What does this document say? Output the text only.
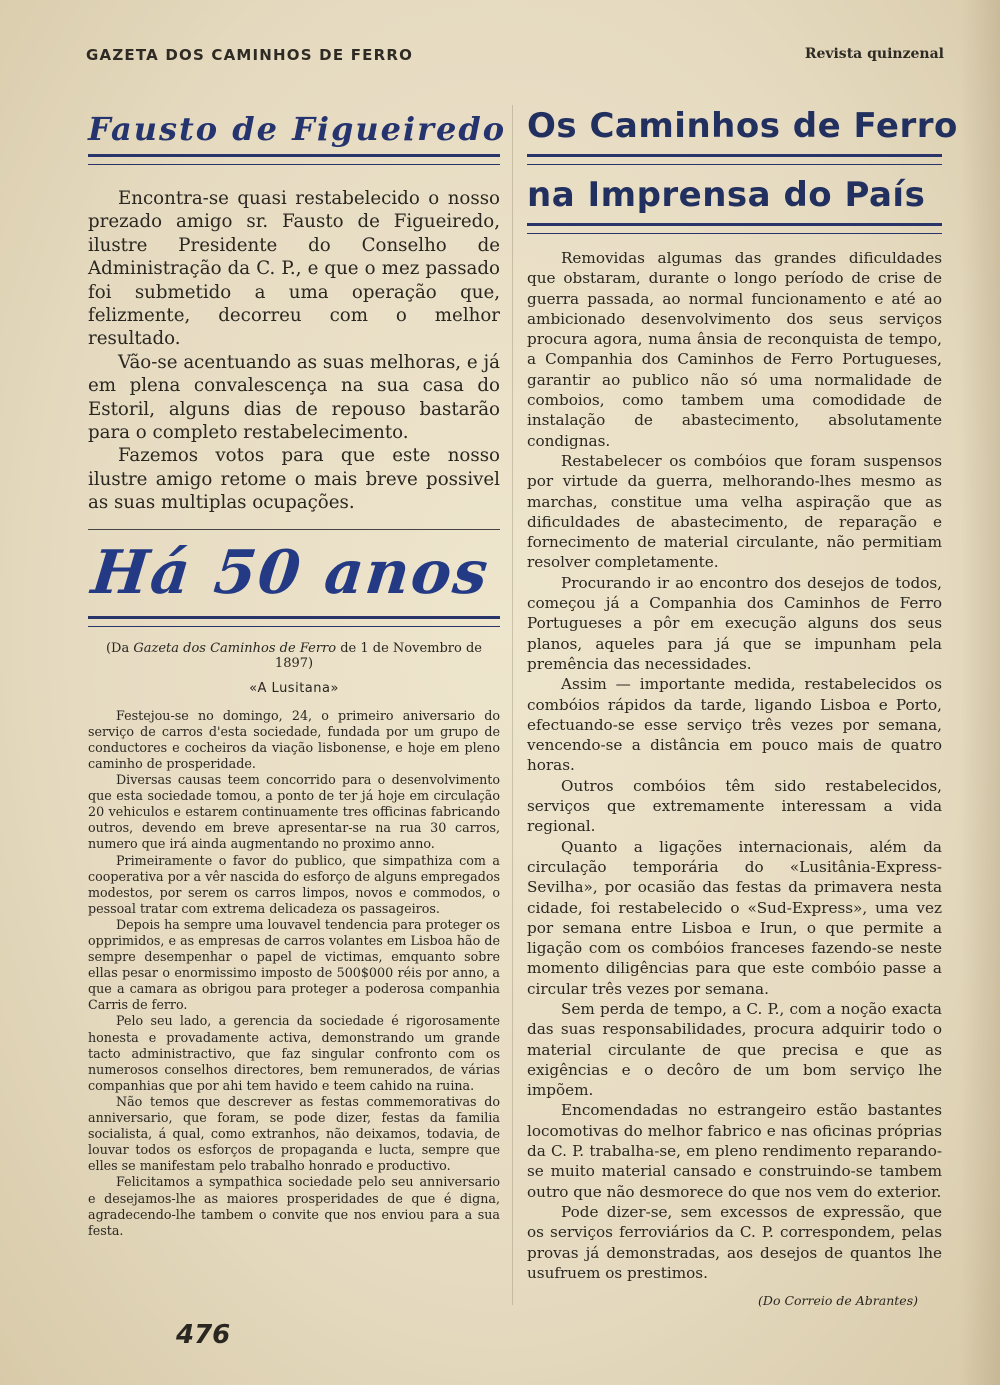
GAZETA DOS CAMINHOS DE FERRO	Revista quinzenal
Fausto de Figueiredo

Encontra-se quasi restabelecido o nosso prezado amigo sr. Fausto de Figueiredo, ilustre Presidente do Conselho de Administração da C. P., e que o mez passado foi submetido a uma operação que, felizmente, decorreu com o melhor resultado.

Vão-se acentuando as suas melhoras, e já em plena convalescença na sua casa do Estoril, alguns dias de repouso bastarão para o completo restabelecimento.

Fazemos votos para que este nosso ilustre amigo retome o mais breve possivel as suas multiplas ocupações.

Há 50 anos
(Da Gazeta dos Caminhos de Ferro de 1 de Novembro de 1897)
«A Lusitana»

Festejou-se no domingo, 24, o primeiro aniversario do serviço de carros d'esta sociedade, fundada por um grupo de conductores e cocheiros da viação lisbonense, e hoje em pleno caminho de prosperidade.

Diversas causas teem concorrido para o desenvolvimento que esta sociedade tomou, a ponto de ter já hoje em circulação 20 vehiculos e estarem continuamente tres officinas fabricando outros, devendo em breve apresentar-se na rua 30 carros, numero que irá ainda augmentando no proximo anno.

Primeiramente o favor do publico, que simpathiza com a cooperativa por a vêr nascida do esforço de alguns empregados modestos, por serem os carros limpos, novos e commodos, o pessoal tratar com extrema delicadeza os passageiros.

Depois ha sempre uma louvavel tendencia para proteger os opprimidos, e as empresas de carros volantes em Lisboa hão de sempre desempenhar o papel de victimas, emquanto sobre ellas pesar o enormissimo imposto de 500$000 réis por anno, a que a camara as obrigou para proteger a poderosa companhia Carris de ferro.

Pelo seu lado, a gerencia da sociedade é rigorosamente honesta e provadamente activa, demonstrando um grande tacto administractivo, que faz singular confronto com os numerosos conselhos directores, bem remunerados, de várias companhias que por ahi tem havido e teem cahido na ruina.

Não temos que descrever as festas commemorativas do anniversario, que foram, se pode dizer, festas da familia socialista, á qual, como extranhos, não deixamos, todavia, de louvar todos os esforços de propaganda e lucta, sempre que elles se manifestam pelo trabalho honrado e productivo.

Felicitamos a sympathica sociedade pelo seu anniversario e desejamos-lhe as maiores prosperidades de que é digna, agradecendo-lhe tambem o convite que nos enviou para a sua festa.

Os Caminhos de Ferro
na Imprensa do País

Removidas algumas das grandes dificuldades que obstaram, durante o longo período de crise de guerra passada, ao normal funcionamento e até ao ambicionado desenvolvimento dos seus serviços procura agora, numa ânsia de reconquista de tempo, a Companhia dos Caminhos de Ferro Portugueses, garantir ao publico não só uma normalidade de comboios, como tambem uma comodidade de instalação de abastecimento, absolutamente condignas.

Restabelecer os combóios que foram suspensos por virtude da guerra, melhorando-lhes mesmo as marchas, constitue uma velha aspiração que as dificuldades de abastecimento, de reparação e fornecimento de material circulante, não permitiam resolver completamente.

Procurando ir ao encontro dos desejos de todos, começou já a Companhia dos Caminhos de Ferro Portugueses a pôr em execução alguns dos seus planos, aqueles para já que se impunham pela premência das necessidades.

Assim — importante medida, restabelecidos os combóios rápidos da tarde, ligando Lisboa e Porto, efectuando-se esse serviço três vezes por semana, vencendo-se a distância em pouco mais de quatro horas.

Outros combóios têm sido restabelecidos, serviços que extremamente interessam a vida regional.

Quanto a ligações internacionais, além da circulação temporária do «Lusitânia-Express-Sevilha», por ocasião das festas da primavera nesta cidade, foi restabelecido o «Sud-Express», uma vez por semana entre Lisboa e Irun, o que permite a ligação com os combóios franceses fazendo-se neste momento diligências para que este combóio passe a circular três vezes por semana.

Sem perda de tempo, a C. P., com a noção exacta das suas responsabilidades, procura adquirir todo o material circulante de que precisa e que as exigências e o decôro de um bom serviço lhe impõem.

Encomendadas no estrangeiro estão bastantes locomotivas do melhor fabrico e nas oficinas próprias da C. P. trabalha-se, em pleno rendimento reparando-se muito material cansado e construindo-se tambem outro que não desmorece do que nos vem do exterior.

Pode dizer-se, sem excessos de expressão, que os serviços ferroviários da C. P. correspondem, pelas provas já demonstradas, aos desejos de quantos lhe usufruem os prestimos.

(Do Correio de Abrantes)
476
